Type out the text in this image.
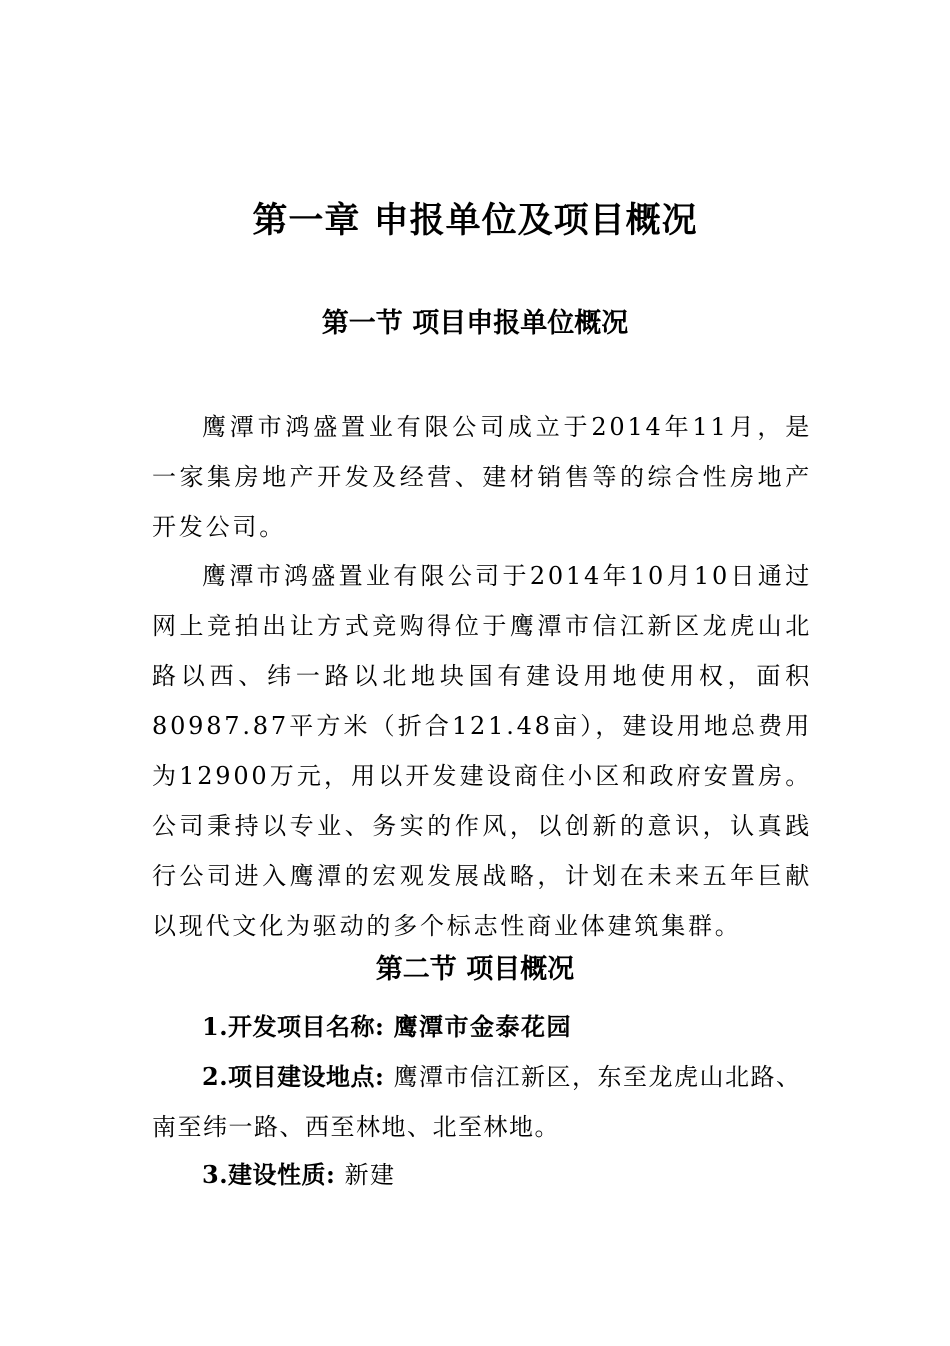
第一章 申报单位及项目概况
第一节 项目申报单位概况

鹰潭市鸿盛置业有限公司成立于2014年11月，是一家集房地产开发及经营、建材销售等的综合性房地产开发公司。

鹰潭市鸿盛置业有限公司于2014年10月10日通过网上竞拍出让方式竞购得位于鹰潭市信江新区龙虎山北路以西、纬一路以北地块国有建设用地使用权，面积80987.87平方米（折合121.48亩），建设用地总费用为12900万元，用以开发建设商住小区和政府安置房。公司秉持以专业、务实的作风，以创新的意识，认真践行公司进入鹰潭的宏观发展战略，计划在未来五年巨献以现代文化为驱动的多个标志性商业体建筑集群。

第二节 项目概况

1.开发项目名称: 鹰潭市金泰花园

2.项目建设地点: 鹰潭市信江新区，东至龙虎山北路、南至纬一路、西至林地、北至林地。

3.建设性质: 新建
